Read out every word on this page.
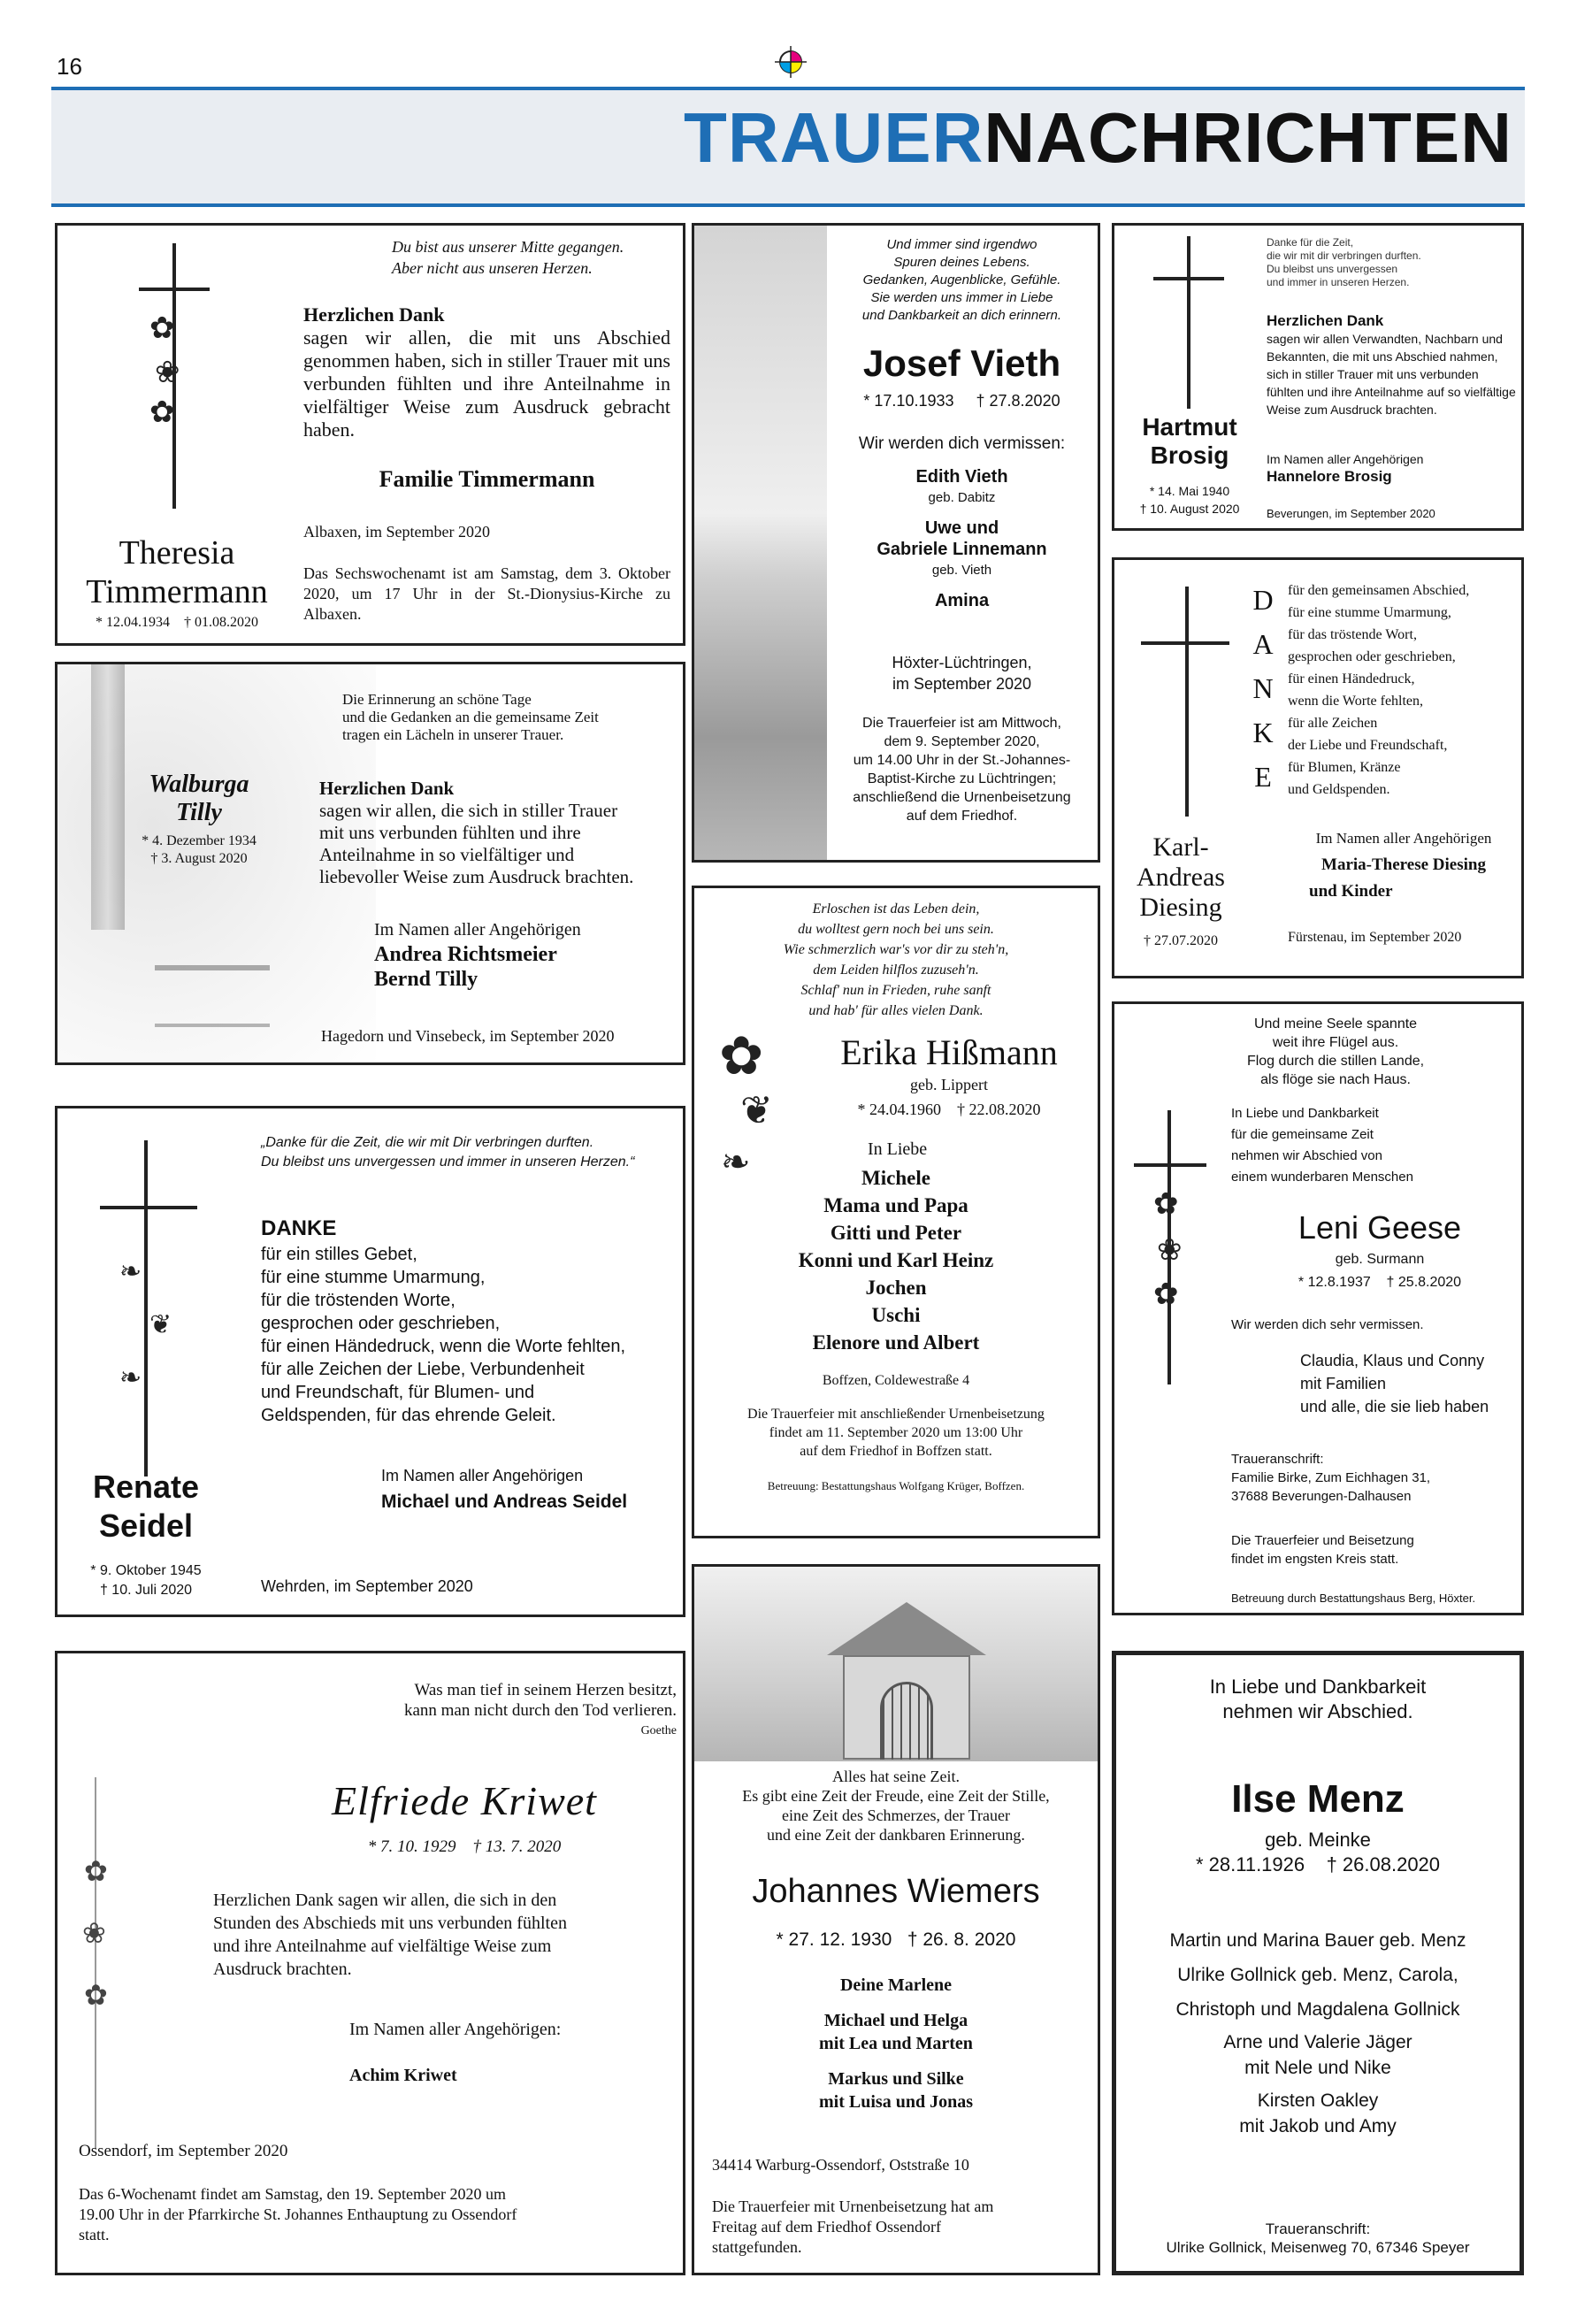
16
TRAUERNACHRICHTEN
✿
❀
✿
Theresia
Timmermann
* 12.04.1934    † 01.08.2020
Du bist aus unserer Mitte gegangen.
Aber nicht aus unseren Herzen.
Herzlichen Dank
sagen wir allen, die mit uns Abschied genommen haben, sich in stiller Trauer mit uns verbunden fühlten und ihre Anteilnahme in vielfältiger Weise zum Ausdruck gebracht haben.
Familie Timmermann
Albaxen, im September 2020
Das Sechswochenamt ist am Samstag, dem 3. Oktober 2020, um 17 Uhr in der St.-Dionysius-Kirche zu Albaxen.
Und immer sind irgendwo
Spuren deines Lebens.
Gedanken, Augenblicke, Gefühle.
Sie werden uns immer in Liebe
und Dankbarkeit an dich erinnern.
Josef Vieth
* 17.10.1933     † 27.8.2020
Wir werden dich vermissen:
Edith Vieth
geb. Dabitz
Uwe und
Gabriele Linnemann
geb. Vieth
Amina
Höxter-Lüchtringen,
im September 2020
Die Trauerfeier ist am Mittwoch,
dem 9. September 2020,
um 14.00 Uhr in der St.-Johannes-
Baptist-Kirche zu Lüchtringen;
anschließend die Urnenbeisetzung
auf dem Friedhof.
Hartmut
Brosig
* 14. Mai 1940
† 10. August 2020
Danke für die Zeit,
die wir mit dir verbringen durften.
Du bleibst uns unvergessen
und immer in unseren Herzen.
Herzlichen Dank
sagen wir allen Verwandten, Nachbarn und Bekannten, die mit uns Abschied nahmen, sich in stiller Trauer mit uns verbunden fühlten und ihre Anteilnahme auf so vielfältige Weise zum Ausdruck brachten.
Im Namen aller Angehörigen
Hannelore Brosig
Beverungen, im September 2020
Karl-
Andreas
Diesing
† 27.07.2020
D
A
N
K
E
für den gemeinsamen Abschied,
für eine stumme Umarmung,
für das tröstende Wort,
gesprochen oder geschrieben,
für einen Händedruck,
wenn die Worte fehlten,
für alle Zeichen
der Liebe und Freundschaft,
für Blumen, Kränze
und Geldspenden.
Im Namen aller Angehörigen
Maria-Therese Diesing
und Kinder
Fürstenau, im September 2020
Walburga
Tilly
* 4. Dezember 1934
† 3. August 2020
Die Erinnerung an schöne Tage
und die Gedanken an die gemeinsame Zeit
tragen ein Lächeln in unserer Trauer.
Herzlichen Dank
sagen wir allen, die sich in stiller Trauer
mit uns verbunden fühlten und ihre
Anteilnahme in so vielfältiger und
liebevoller Weise zum Ausdruck brachten.
Im Namen aller Angehörigen
Andrea Richtsmeier
Bernd Tilly
Hagedorn und Vinsebeck, im September 2020
Erloschen ist das Leben dein,
du wolltest gern noch bei uns sein.
Wie schmerzlich war's vor dir zu steh'n,
dem Leiden hilflos zuzuseh'n.
Schlaf' nun in Frieden, ruhe sanft
und hab' für alles vielen Dank.
✿
❦
❧
Erika Hißmann
geb. Lippert
* 24.04.1960    † 22.08.2020
In Liebe
Michele
Mama und Papa
Gitti und Peter
Konni und Karl Heinz
Jochen
Uschi
Elenore und Albert
Boffzen, Coldewestraße 4
Die Trauerfeier mit anschließender Urnenbeisetzung
findet am 11. September 2020 um 13:00 Uhr
auf dem Friedhof in Boffzen statt.
Betreuung: Bestattungshaus Wolfgang Krüger, Boffzen.
❧
❦
❧
Renate
Seidel
* 9. Oktober 1945
† 10. Juli 2020
„Danke für die Zeit, die wir mit Dir verbringen durften.
Du bleibst uns unvergessen und immer in unseren Herzen.“
DANKE
für ein stilles Gebet,
für eine stumme Umarmung,
für die tröstenden Worte,
gesprochen oder geschrieben,
für einen Händedruck, wenn die Worte fehlten,
für alle Zeichen der Liebe, Verbundenheit
und Freundschaft, für Blumen- und
Geldspenden, für das ehrende Geleit.
Im Namen aller Angehörigen
Michael und Andreas Seidel
Wehrden, im September 2020
Und meine Seele spannte
weit ihre Flügel aus.
Flog durch die stillen Lande,
als flöge sie nach Haus.
In Liebe und Dankbarkeit
für die gemeinsame Zeit
nehmen wir Abschied von
einem wunderbaren Menschen
✿
❀
✿
Leni Geese
geb. Surmann
* 12.8.1937    † 25.8.2020
Wir werden dich sehr vermissen.
Claudia, Klaus und Conny
mit Familien
und alle, die sie lieb haben
Traueranschrift:
Familie Birke, Zum Eichhagen 31,
37688 Beverungen-Dalhausen
Die Trauerfeier und Beisetzung
findet im engsten Kreis statt.
Betreuung durch Bestattungshaus Berg, Höxter.
Was man tief in seinem Herzen besitzt,
kann man nicht durch den Tod verlieren.
Goethe
✿
❀
✿
Elfriede Kriwet
* 7. 10. 1929    † 13. 7. 2020
Herzlichen Dank sagen wir allen, die sich in den
Stunden des Abschieds mit uns verbunden fühlten
und ihre Anteilnahme auf vielfältige Weise zum
Ausdruck brachten.
Im Namen aller Angehörigen:
Achim Kriwet
Ossendorf, im September 2020
Das 6-Wochenamt findet am Samstag, den 19. September 2020 um
19.00 Uhr in der Pfarrkirche St. Johannes Enthauptung zu Ossendorf
statt.
Alles hat seine Zeit.
Es gibt eine Zeit der Freude, eine Zeit der Stille,
eine Zeit des Schmerzes, der Trauer
und eine Zeit der dankbaren Erinnerung.
Johannes Wiemers
* 27. 12. 1930   † 26. 8. 2020
Deine Marlene
Michael und Helga
mit Lea und Marten
Markus und Silke
mit Luisa und Jonas
34414 Warburg-Ossendorf, Oststraße 10
Die Trauerfeier mit Urnenbeisetzung hat am
Freitag auf dem Friedhof Ossendorf
stattgefunden.
In Liebe und Dankbarkeit
nehmen wir Abschied.
Ilse Menz
geb. Meinke
* 28.11.1926    † 26.08.2020
Martin und Marina Bauer geb. Menz
Ulrike Gollnick geb. Menz, Carola,
Christoph und Magdalena Gollnick
Arne und Valerie Jäger
mit Nele und Nike
Kirsten Oakley
mit Jakob und Amy
Traueranschrift:
Ulrike Gollnick, Meisenweg 70, 67346 Speyer
